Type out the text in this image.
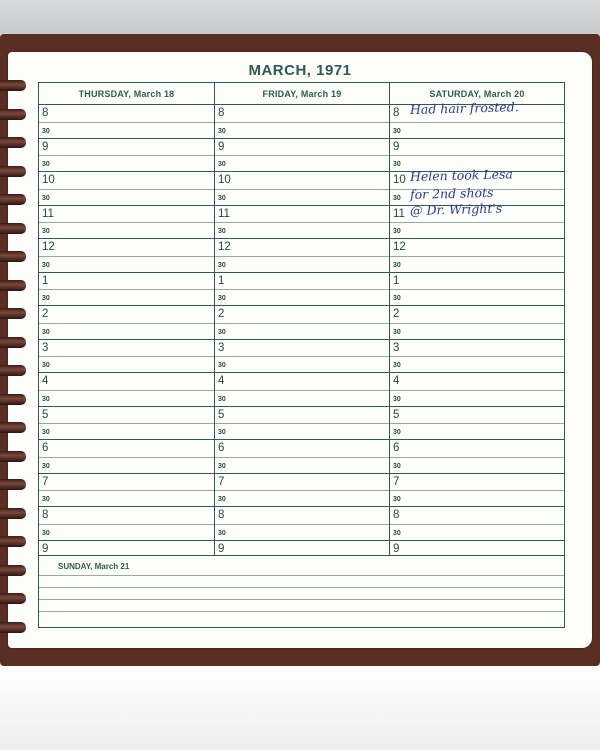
MARCH, 1971
THURSDAY, March 18
8
30
9
30
10
30
11
30
12
30
1
30
2
30
3
30
4
30
5
30
6
30
7
30
8
30
9
FRIDAY, March 19
8
30
9
30
10
30
11
30
12
30
1
30
2
30
3
30
4
30
5
30
6
30
7
30
8
30
9
SATURDAY, March 20
8 Had hair frosted.
30
9
30
10 Helen took Lesa
30 for 2nd shots
11 @ Dr. Wright's
30
12
30
1
30
2
30
3
30
4
30
5
30
6
30
7
30
8
30
9
SUNDAY, March 21
